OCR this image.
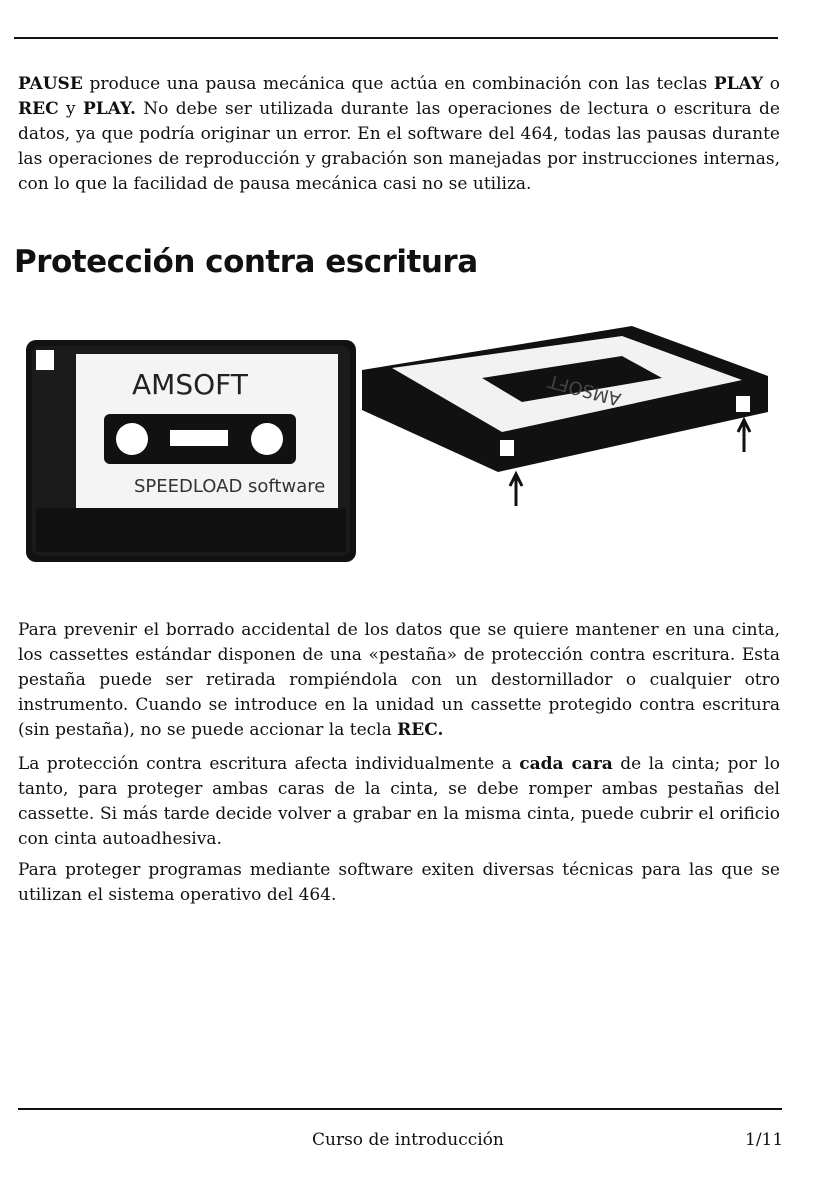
PAUSE produce una pausa mecánica que actúa en combinación con las teclas PLAY o REC y PLAY. No debe ser utilizada durante las operaciones de lectura o escritura de datos, ya que podría originar un error. En el software del 464, todas las pausas durante las operaciones de reproducción y grabación son manejadas por instrucciones internas, con lo que la facilidad de pausa mecánica casi no se utiliza.

Protección contra escritura
AMSOFT
SPEEDLOAD software
AMSOFT

Para prevenir el borrado accidental de los datos que se quiere mantener en una cinta, los cassettes estándar disponen de una «pestaña» de protección contra escritura. Esta pestaña puede ser retirada rompiéndola con un destornillador o cualquier otro instrumento. Cuando se introduce en la unidad un cassette protegido contra escritura (sin pestaña), no se puede accionar la tecla REC.

La protección contra escritura afecta individualmente a cada cara de la cinta; por lo tanto, para proteger ambas caras de la cinta, se debe romper ambas pestañas del cassette. Si más tarde decide volver a grabar en la misma cinta, puede cubrir el orificio con cinta autoadhesiva.

Para proteger programas mediante software exiten diversas técnicas para las que se utilizan el sistema operativo del 464.

Curso de introducción	1/11
